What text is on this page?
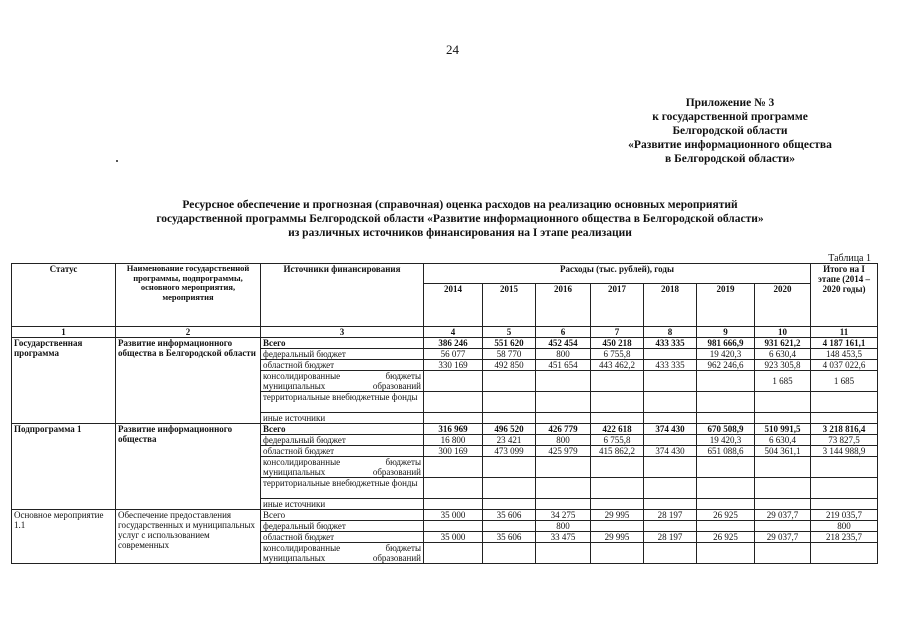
24
Приложение № 3
к государственной программе
Белгородской области
«Развитие информационного общества
в Белгородской области»
Ресурсное обеспечение и прогнозная (справочная) оценка расходов на реализацию основных мероприятий
государственной программы Белгородской области «Развитие информационного общества в Белгородской области»
из различных источников финансирования на I этапе реализации
Таблица 1
Статус	Наименование государственной программы, подпрограммы, основного мероприятия, мероприятия	Источники финансирования	Расходы (тыс. рублей), годы							Итого на I этапе (2014 – 2020 годы)
			2014	2015	2016	2017	2018	2019	2020	
1	2	3	4	5	6	7	8	9	10	11
Государственная программа	Развитие информационного общества в Белгородской области	Всего	386 246	551 620	452 454	450 218	433 335	981 666,9	931 621,2	4 187 161,1
		федеральный бюджет	56 077	58 770	800	6 755,8		19 420,3	6 630,4	148 453,5
		областной бюджет	330 169	492 850	451 654	443 462,2	433 335	962 246,6	923 305,8	4 037 022,6
		консолидированные бюджеты муниципальных образований							1 685	1 685
		территориальные внебюджетные фонды								
		иные источники								
Подпрограмма 1	Развитие информационного общества	Всего	316 969	496 520	426 779	422 618	374 430	670 508,9	510 991,5	3 218 816,4
		федеральный бюджет	16 800	23 421	800	6 755,8		19 420,3	6 630,4	73 827,5
		областной бюджет	300 169	473 099	425 979	415 862,2	374 430	651 088,6	504 361,1	3 144 988,9
		консолидированные бюджеты муниципальных образований								
		территориальные внебюджетные фонды								
		иные источники								
Основное мероприятие 1.1	Обеспечение предоставления государственных и муниципальных услуг с использованием современных	Всего	35 000	35 606	34 275	29 995	28 197	26 925	29 037,7	219 035,7
		федеральный бюджет			800					800
		областной бюджет	35 000	35 606	33 475	29 995	28 197	26 925	29 037,7	218 235,7
		консолидированные бюджеты муниципальных образований								
